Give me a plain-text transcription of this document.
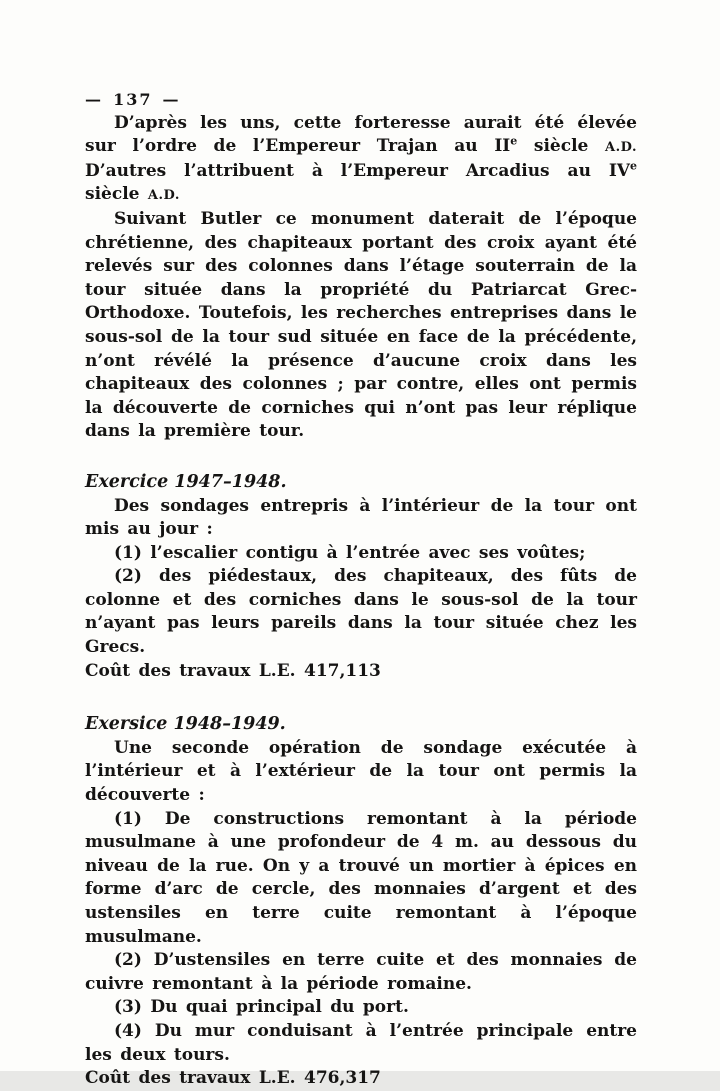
— 137 —

D’après les uns, cette forteresse aurait été élevée sur l’ordre de l’Empereur Trajan au IIe siècle A.D. D’autres l’attribuent à l’Empereur Arcadius au IVe siècle A.D.

Suivant Butler ce monument daterait de l’époque chrétienne, des chapiteaux portant des croix ayant été relevés sur des colonnes dans l’étage souterrain de la tour située dans la propriété du Patriarcat Grec-Orthodoxe. Toutefois, les recherches entreprises dans le sous-sol de la tour sud située en face de la précédente, n’ont révélé la présence d’aucune croix dans les chapiteaux des colonnes ; par contre, elles ont permis la découverte de corniches qui n’ont pas leur réplique dans la première tour.

Exercice 1947–1948.

Des sondages entrepris à l’intérieur de la tour ont mis au jour :

(1) l’escalier contigu à l’entrée avec ses voûtes;

(2) des piédestaux, des chapiteaux, des fûts de colonne et des corniches dans le sous-sol de la tour n’ayant pas leurs pareils dans la tour située chez les Grecs.

Coût des travaux L.E. 417,113

Exersice 1948–1949.

Une seconde opération de sondage exécutée à l’intérieur et à l’extérieur de la tour ont permis la découverte :

(1) De constructions remontant à la période musulmane à une profondeur de 4 m. au dessous du niveau de la rue. On y a trouvé un mortier à épices en forme d’arc de cercle, des monnaies d’argent et des ustensiles en terre cuite remontant à l’époque musulmane.

(2) D’ustensiles en terre cuite et des monnaies de cuivre remontant à la période romaine.

(3) Du quai principal du port.

(4) Du mur conduisant à l’entrée principale entre les deux tours.

Coût des travaux L.E. 476,317
